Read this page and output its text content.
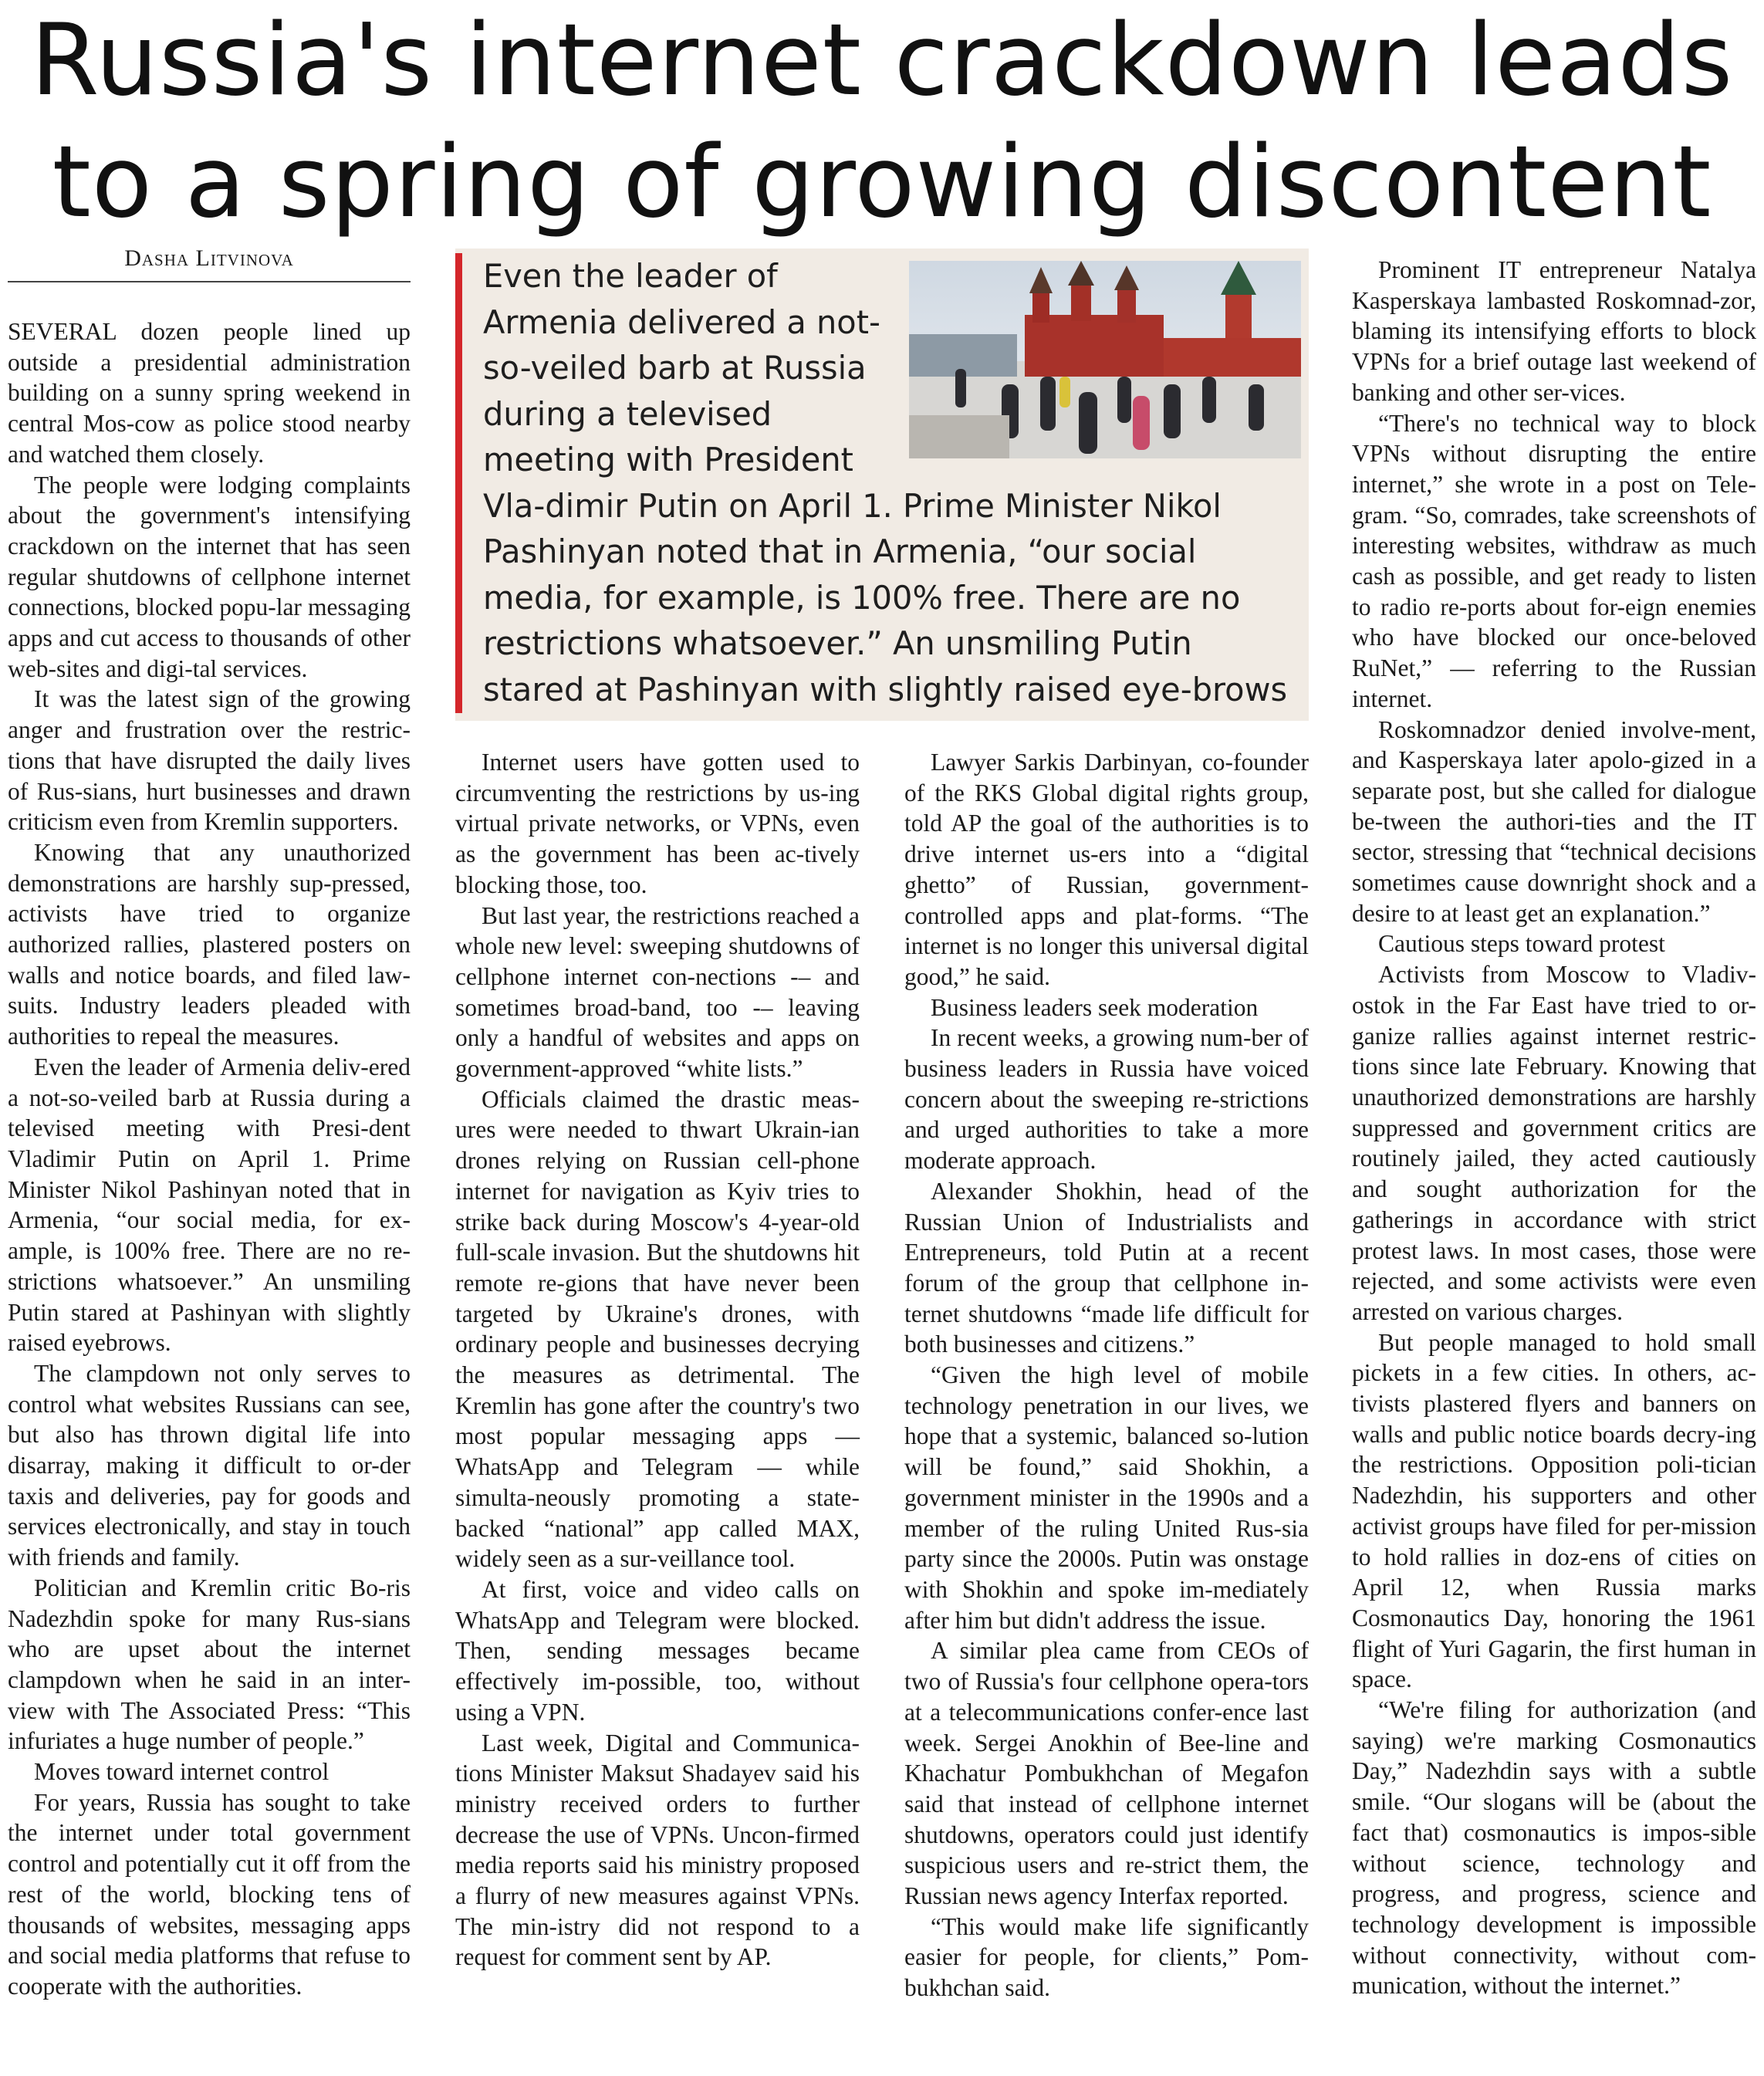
Russia's internet crackdown leads
to a spring of growing discontent
Dasha Litvinova

SEVERAL dozen people lined up outside a presidential administration building on a sunny spring weekend in central Mos-cow as police stood nearby and watched them closely.

The people were lodging complaints about the government's intensifying crackdown on the internet that has seen regular shutdowns of cellphone internet connections, blocked popu-lar messaging apps and cut access to thousands of other web-sites and digi-tal services.

It was the latest sign of the growing anger and frustration over the restric-tions that have disrupted the daily lives of Rus-sians, hurt businesses and drawn criticism even from Kremlin supporters.

Knowing that any unauthorized demonstrations are harshly sup-pressed, activists have tried to organize authorized rallies, plastered posters on walls and notice boards, and filed law-suits. Industry leaders pleaded with authorities to repeal the measures.

Even the leader of Armenia deliv-ered a not-so-veiled barb at Russia during a televised meeting with Presi-dent Vladimir Putin on April 1. Prime Minister Nikol Pashinyan noted that in Armenia, “our social media, for ex-ample, is 100% free. There are no re-strictions whatsoever.” An unsmiling Putin stared at Pashinyan with slightly raised eyebrows.

The clampdown not only serves to control what websites Russians can see, but also has thrown digital life into disarray, making it difficult to or-der taxis and deliveries, pay for goods and services electronically, and stay in touch with friends and family.

Politician and Kremlin critic Bo-ris Nadezhdin spoke for many Rus-sians who are upset about the internet clampdown when he said in an inter-view with The Associated Press: “This infuriates a huge number of people.”

Moves toward internet control

For years, Russia has sought to take the internet under total government control and potentially cut it off from the rest of the world, blocking tens of thousands of websites, messaging apps and social media platforms that refuse to cooperate with the authorities.

Even the leader of Armenia delivered a not-so-veiled barb at Russia during a televised meeting with President Vla-dimir Putin on April 1. Prime Minister Nikol Pashinyan noted that in Armenia, “our social media, for example, is 100% free. There are no restrictions whatsoever.” An unsmiling Putin stared at Pashinyan with slightly raised eye-brows

Internet users have gotten used to circumventing the restrictions by us-ing virtual private networks, or VPNs, even as the government has been ac-tively blocking those, too.

But last year, the restrictions reached a whole new level: sweeping shutdowns of cellphone internet con-nections -– and sometimes broad-band, too -– leaving only a handful of websites and apps on government-approved “white lists.”

Officials claimed the drastic meas-ures were needed to thwart Ukrain-ian drones relying on Russian cell-phone internet for navigation as Kyiv tries to strike back during Moscow's 4-year-old full-scale invasion. But the shutdowns hit remote re-gions that have never been targeted by Ukraine's drones, with ordinary people and businesses decrying the measures as detrimental. The Kremlin has gone after the country's two most popular messaging apps — WhatsApp and Telegram — while simulta-neously promoting a state-backed “national” app called MAX, widely seen as a sur-veillance tool.

At first, voice and video calls on WhatsApp and Telegram were blocked. Then, sending messages became effectively im-possible, too, without using a VPN.

Last week, Digital and Communica-tions Minister Maksut Shadayev said his ministry received orders to further decrease the use of VPNs. Uncon-firmed media reports said his ministry proposed a flurry of new measures against VPNs. The min-istry did not respond to a request for comment sent by AP.

Lawyer Sarkis Darbinyan, co-founder of the RKS Global digital rights group, told AP the goal of the authorities is to drive internet us-ers into a “digital ghetto” of Russian, government-controlled apps and plat-forms. “The internet is no longer this universal digital good,” he said.

Business leaders seek moderation

In recent weeks, a growing num-ber of business leaders in Russia have voiced concern about the sweeping re-strictions and urged authorities to take a more moderate approach.

Alexander Shokhin, head of the Russian Union of Industrialists and Entrepreneurs, told Putin at a recent forum of the group that cellphone in-ternet shutdowns “made life difficult for both businesses and citizens.”

“Given the high level of mobile technology penetration in our lives, we hope that a systemic, balanced so-lution will be found,” said Shokhin, a government minister in the 1990s and a member of the ruling United Rus-sia party since the 2000s. Putin was onstage with Shokhin and spoke im-mediately after him but didn't address the issue.

A similar plea came from CEOs of two of Russia's four cellphone opera-tors at a telecommunications confer-ence last week. Sergei Anokhin of Bee-line and Khachatur Pombukhchan of Megafon said that instead of cellphone internet shutdowns, operators could just identify suspicious users and re-strict them, the Russian news agency Interfax reported.

“This would make life significantly easier for people, for clients,” Pom-bukhchan said.

Prominent IT entrepreneur Natalya Kasperskaya lambasted Roskomnad-zor, blaming its intensifying efforts to block VPNs for a brief outage last weekend of banking and other ser-vices.

“There's no technical way to block VPNs without disrupting the entire internet,” she wrote in a post on Tele-gram. “So, comrades, take screenshots of interesting websites, withdraw as much cash as possible, and get ready to listen to radio re-ports about for-eign enemies who have blocked our once-beloved RuNet,” — referring to the Russian internet.

Roskomnadzor denied involve-ment, and Kasperskaya later apolo-gized in a separate post, but she called for dialogue be-tween the authori-ties and the IT sector, stressing that “technical decisions sometimes cause downright shock and a desire to at least get an explanation.”

Cautious steps toward protest

Activists from Moscow to Vladiv-ostok in the Far East have tried to or-ganize rallies against internet restric-tions since late February. Knowing that unauthorized demonstrations are harshly suppressed and government critics are routinely jailed, they acted cautiously and sought authorization for the gatherings in accordance with strict protest laws. In most cases, those were rejected, and some activists were even arrested on various charges.

But people managed to hold small pickets in a few cities. In others, ac-tivists plastered flyers and banners on walls and public notice boards decry-ing the restrictions. Opposition poli-tician Nadezhdin, his supporters and other activist groups have filed for per-mission to hold rallies in doz-ens of cities on April 12, when Russia marks Cosmonautics Day, honoring the 1961 flight of Yuri Gagarin, the first human in space.

“We're filing for authorization (and saying) we're marking Cosmonautics Day,” Nadezhdin says with a subtle smile. “Our slogans will be (about the fact that) cosmonautics is impos-sible without science, technology and progress, and progress, science and technology development is impossible without connectivity, without com-munication, without the internet.”
